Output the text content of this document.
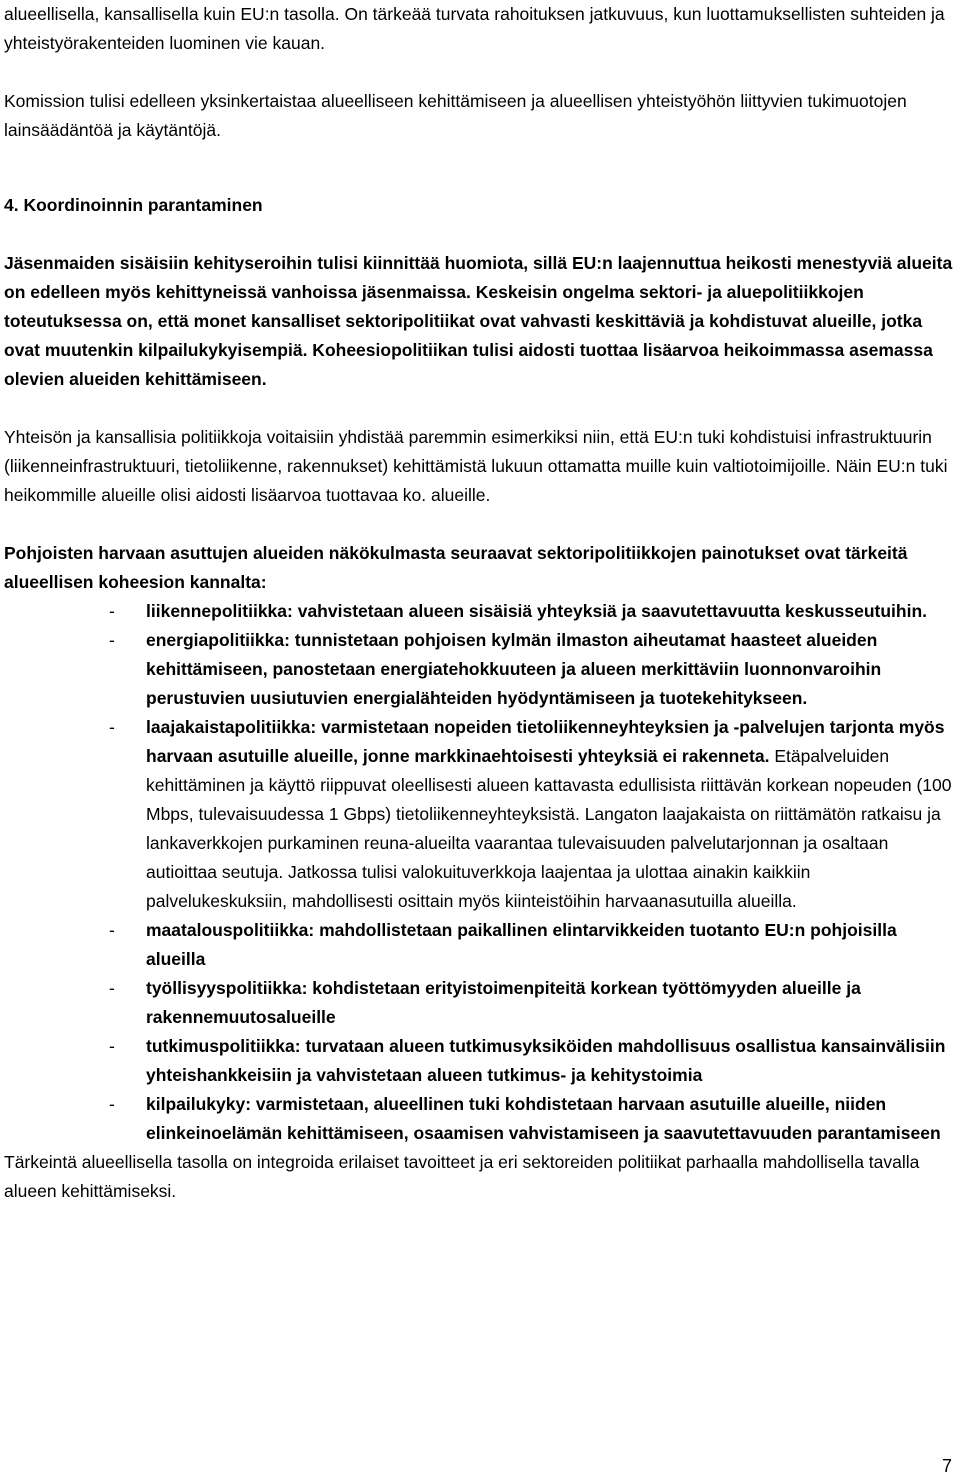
alueellisella, kansallisella kuin EU:n tasolla. On tärkeää turvata rahoituksen jatkuvuus, kun luottamuksellisten suhteiden ja yhteistyörakenteiden luominen vie kauan.

Komission tulisi edelleen yksinkertaistaa alueelliseen kehittämiseen ja alueellisen yhteistyöhön liittyvien tukimuotojen lainsäädäntöä ja käytäntöjä.

4. Koordinoinnin parantaminen

Jäsenmaiden sisäisiin kehityseroihin tulisi kiinnittää huomiota, sillä EU:n laajennuttua heikosti menestyviä alueita on edelleen myös kehittyneissä vanhoissa jäsenmaissa. Keskeisin ongelma sektori- ja aluepolitiikkojen toteutuksessa on, että monet kansalliset sektoripolitiikat ovat vahvasti keskittäviä ja kohdistuvat alueille, jotka ovat muutenkin kilpailukykyisempiä. Koheesiopolitiikan tulisi aidosti tuottaa lisäarvoa heikoimmassa asemassa olevien alueiden kehittämiseen.

Yhteisön ja kansallisia politiikkoja voitaisiin yhdistää paremmin esimerkiksi niin, että EU:n tuki kohdistuisi infrastruktuurin (liikenneinfrastruktuuri, tietoliikenne, rakennukset) kehittämistä lukuun ottamatta muille kuin valtiotoimijoille. Näin EU:n tuki heikommille alueille olisi aidosti lisäarvoa tuottavaa ko. alueille.

Pohjoisten harvaan asuttujen alueiden näkökulmasta seuraavat sektoripolitiikkojen painotukset ovat tärkeitä alueellisen koheesion kannalta:

- liikennepolitiikka: vahvistetaan alueen sisäisiä yhteyksiä ja saavutettavuutta keskusseutuihin.
- energiapolitiikka: tunnistetaan pohjoisen kylmän ilmaston aiheutamat haasteet alueiden kehittämiseen, panostetaan energiatehokkuuteen ja alueen merkittäviin luonnonvaroihin perustuvien uusiutuvien energialähteiden hyödyntämiseen ja tuotekehitykseen.
- laajakaistapolitiikka: varmistetaan nopeiden tietoliikenneyhteyksien ja -palvelujen tarjonta myös harvaan asutuille alueille, jonne markkinaehtoisesti yhteyksiä ei rakenneta. Etäpalveluiden kehittäminen ja käyttö riippuvat oleellisesti alueen kattavasta edullisista riittävän korkean nopeuden (100 Mbps, tulevaisuudessa 1 Gbps) tietoliikenneyhteyksistä. Langaton laajakaista on riittämätön ratkaisu ja lankaverkkojen purkaminen reuna-alueilta vaarantaa tulevaisuuden palvelutarjonnan ja osaltaan autioittaa seutuja. Jatkossa tulisi valokuituverkkoja laajentaa ja ulottaa ainakin kaikkiin palvelukeskuksiin, mahdollisesti osittain myös kiinteistöihin harvaanasutuilla alueilla.
- maatalouspolitiikka: mahdollistetaan paikallinen elintarvikkeiden tuotanto EU:n pohjoisilla alueilla
- työllisyyspolitiikka: kohdistetaan erityistoimenpiteitä korkean työttömyyden alueille ja rakennemuutosalueille
- tutkimuspolitiikka: turvataan alueen tutkimusyksiköiden mahdollisuus osallistua kansainvälisiin yhteishankkeisiin ja vahvistetaan alueen tutkimus- ja kehitystoimia
- kilpailukyky: varmistetaan, alueellinen tuki kohdistetaan harvaan asutuille alueille, niiden elinkeinoelämän kehittämiseen, osaamisen vahvistamiseen ja saavutettavuuden parantamiseen

Tärkeintä alueellisella tasolla on integroida erilaiset tavoitteet ja eri sektoreiden politiikat parhaalla mahdollisella tavalla alueen kehittämiseksi.

7
